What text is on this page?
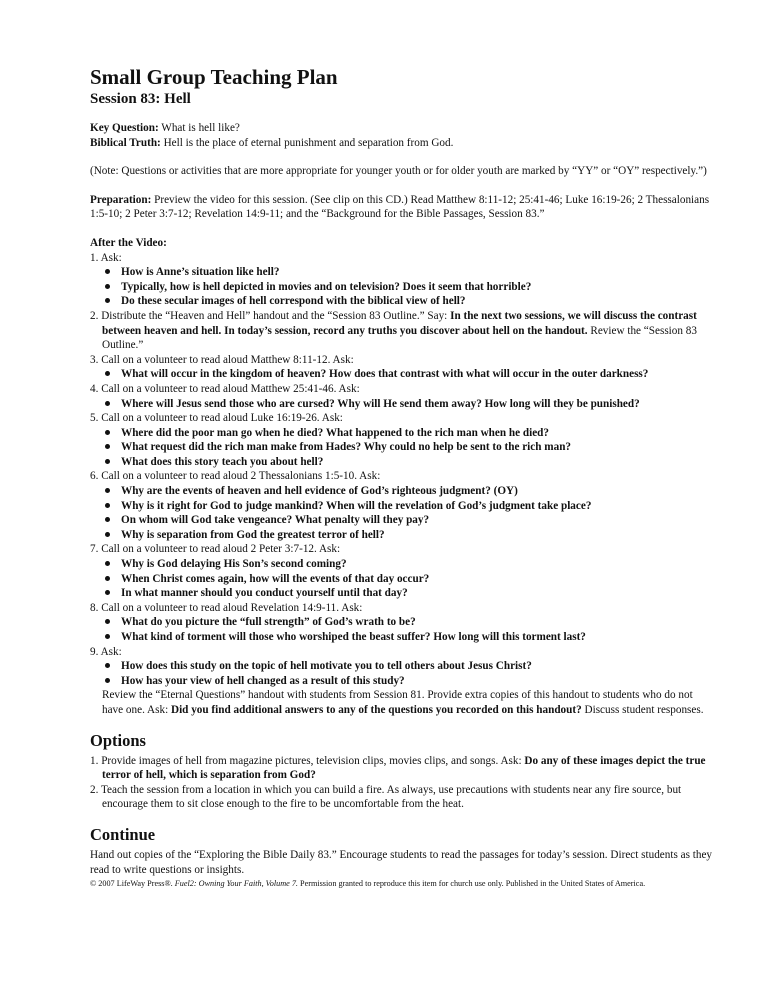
Small Group Teaching Plan
Session 83: Hell

Key Question: What is hell like?

Biblical Truth: Hell is the place of eternal punishment and separation from God.

(Note: Questions or activities that are more appropriate for younger youth or for older youth are marked by “YY” or “OY” respectively.”)

Preparation: Preview the video for this session. (See clip on this CD.) Read Matthew 8:11-12; 25:41-46; Luke 16:19-26; 2 Thessalonians 1:5-10; 2 Peter 3:7-12; Revelation 14:9-11; and the “Background for the Bible Passages, Session 83.”

After the Video:

1. Ask:
How is Anne’s situation like hell?
Typically, how is hell depicted in movies and on television? Does it seem that horrible?
Do these secular images of hell correspond with the biblical view of hell?
2. Distribute the “Heaven and Hell” handout and the “Session 83 Outline.” Say: In the next two sessions, we will discuss the contrast between heaven and hell. In today’s session, record any truths you discover about hell on the handout. Review the “Session 83 Outline.”
3. Call on a volunteer to read aloud Matthew 8:11-12. Ask:
What will occur in the kingdom of heaven? How does that contrast with what will occur in the outer darkness?
4. Call on a volunteer to read aloud Matthew 25:41-46. Ask:
Where will Jesus send those who are cursed? Why will He send them away? How long will they be punished?
5. Call on a volunteer to read aloud Luke 16:19-26. Ask:
Where did the poor man go when he died? What happened to the rich man when he died?
What request did the rich man make from Hades? Why could no help be sent to the rich man?
What does this story teach you about hell?
6. Call on a volunteer to read aloud 2 Thessalonians 1:5-10. Ask:
Why are the events of heaven and hell evidence of God’s righteous judgment? (OY)
Why is it right for God to judge mankind? When will the revelation of God’s judgment take place?
On whom will God take vengeance? What penalty will they pay?
Why is separation from God the greatest terror of hell?
7. Call on a volunteer to read aloud 2 Peter 3:7-12. Ask:
Why is God delaying His Son’s second coming?
When Christ comes again, how will the events of that day occur?
In what manner should you conduct yourself until that day?
8. Call on a volunteer to read aloud Revelation 14:9-11. Ask:
What do you picture the “full strength” of God’s wrath to be?
What kind of torment will those who worshiped the beast suffer? How long will this torment last?
9. Ask:
How does this study on the topic of hell motivate you to tell others about Jesus Christ?
How has your view of hell changed as a result of this study?
Review the “Eternal Questions” handout with students from Session 81. Provide extra copies of this handout to students who do not have one. Ask: Did you find additional answers to any of the questions you recorded on this handout? Discuss student responses.
Options
1. Provide images of hell from magazine pictures, television clips, movies clips, and songs. Ask: Do any of these images depict the true terror of hell, which is separation from God?
2. Teach the session from a location in which you can build a fire. As always, use precautions with students near any fire source, but encourage them to sit close enough to the fire to be uncomfortable from the heat.
Continue

Hand out copies of the “Exploring the Bible Daily 83.” Encourage students to read the passages for today’s session. Direct students as they read to write questions or insights.

© 2007 LifeWay Press®. Fuel2: Owning Your Faith, Volume 7. Permission granted to reproduce this item for church use only. Published in the United States of America.
